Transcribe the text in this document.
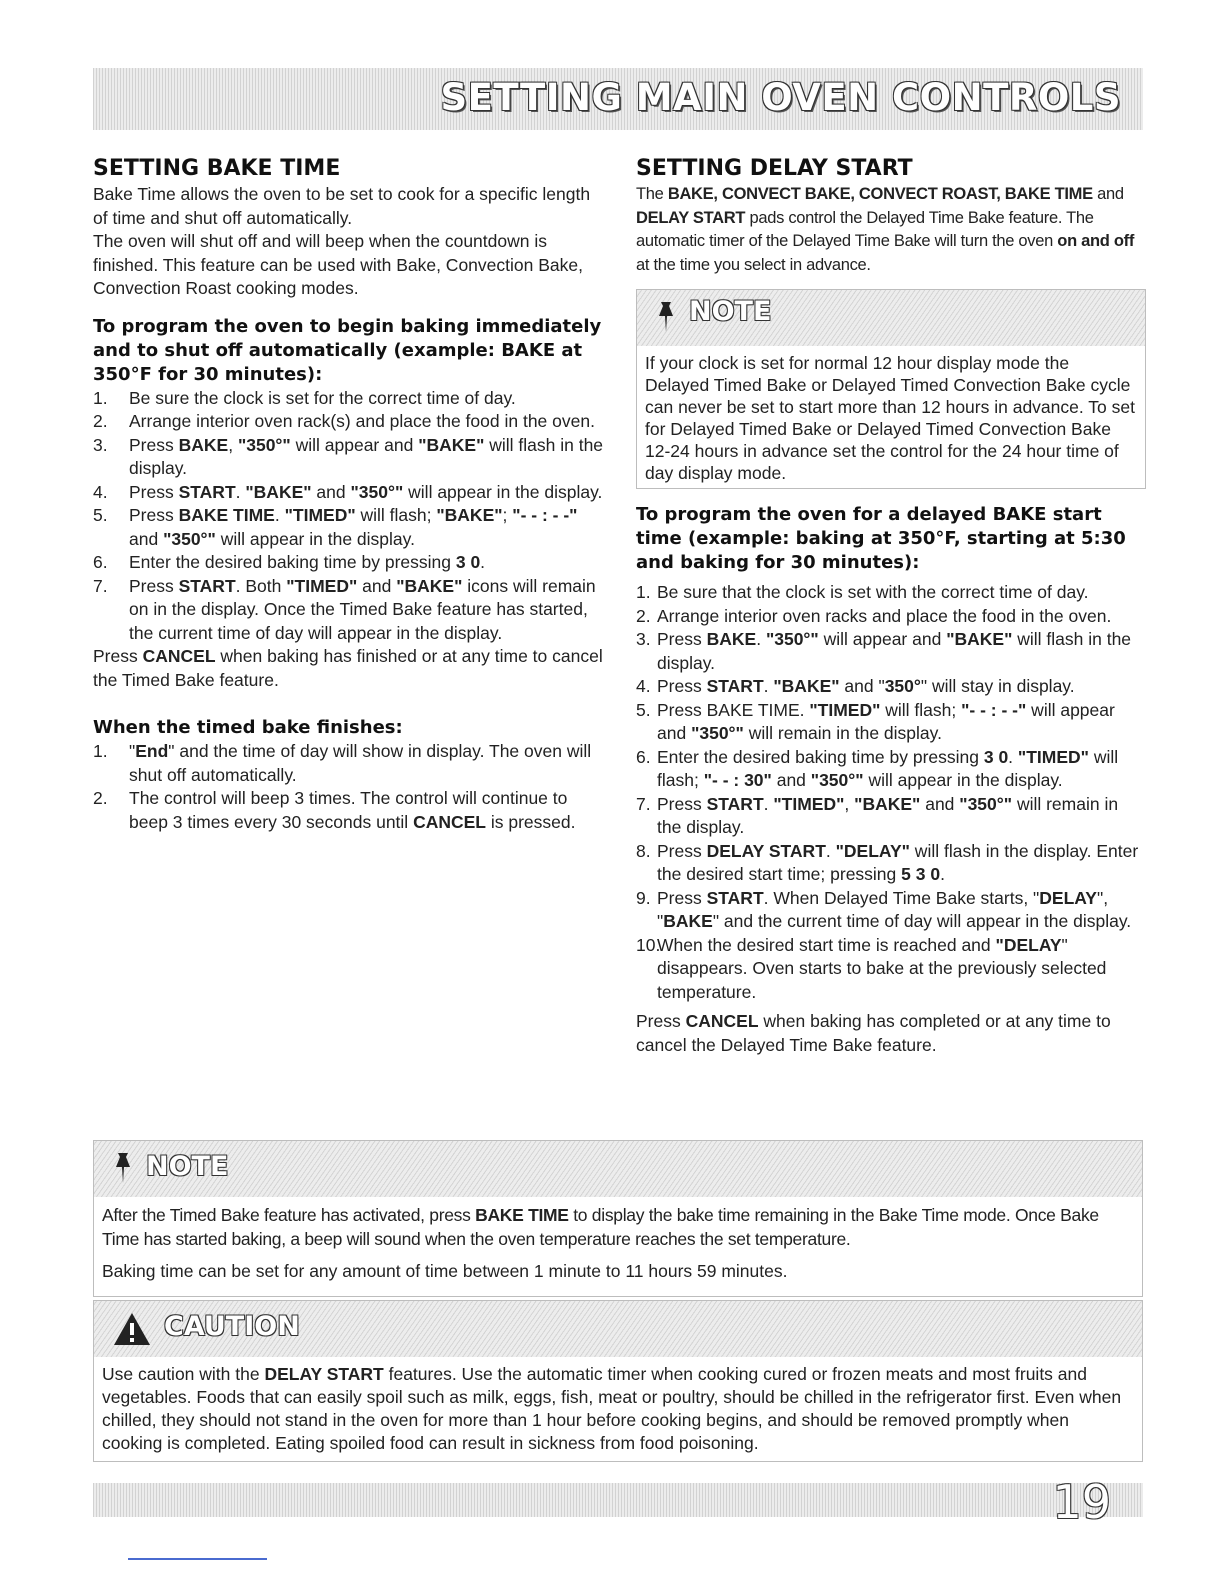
SETTING MAIN OVEN CONTROLS
SETTING BAKE TIME

Bake Time allows the oven to be set to cook for a specific length of time and shut off automatically.

The oven will shut off and will beep when the countdown is finished. This feature can be used with Bake, Convection Bake, Convection Roast cooking modes.

To program the oven to begin baking immediately and to shut off automatically (example: BAKE at 350°F for 30 minutes):
1. Be sure the clock is set for the correct time of day.
2. Arrange interior oven rack(s) and place the food in the oven.
3. Press BAKE, "350°" will appear and "BAKE" will flash in the display.
4. Press START. "BAKE" and "350°" will appear in the display.
5. Press BAKE TIME. "TIMED" will flash; "BAKE"; "- - : - -" and "350°" will appear in the display.
6. Enter the desired baking time by pressing 3 0.
7. Press START. Both "TIMED" and "BAKE" icons will remain on in the display. Once the Timed Bake feature has started, the current time of day will appear in the display.

Press CANCEL when baking has finished or at any time to cancel the Timed Bake feature.

When the timed bake finishes:
1. "End" and the time of day will show in display. The oven will shut off automatically.
2. The control will beep 3 times. The control will continue to beep 3 times every 30 seconds until CANCEL is pressed.
SETTING DELAY START

The BAKE, CONVECT BAKE, CONVECT ROAST, BAKE TIME and DELAY START pads control the Delayed Time Bake feature. The automatic timer of the Delayed Time Bake will turn the oven on and off at the time you select in advance.

NOTE
If your clock is set for normal 12 hour display mode the Delayed Timed Bake or Delayed Timed Convection Bake cycle can never be set to start more than 12 hours in advance. To set for Delayed Timed Bake or Delayed Timed Convection Bake 12-24 hours in advance set the control for the 24 hour time of day display mode.
To program the oven for a delayed BAKE start time (example: baking at 350°F, starting at 5:30 and baking for 30 minutes):
1. Be sure that the clock is set with the correct time of day.
2. Arrange interior oven racks and place the food in the oven.
3. Press BAKE. "350°" will appear and "BAKE" will flash in the display.
4. Press START. "BAKE" and "350°" will stay in display.
5. Press BAKE TIME. "TIMED" will flash; "- - : - -" will appear and "350°" will remain in the display.
6. Enter the desired baking time by pressing 3 0. "TIMED" will flash; "- - : 30" and "350°" will appear in the display.
7. Press START. "TIMED", "BAKE" and "350°" will remain in the display.
8. Press DELAY START. "DELAY" will flash in the display. Enter the desired start time; pressing 5 3 0.
9. Press START. When Delayed Time Bake starts, "DELAY", "BAKE" and the current time of day will appear in the display.
10.
When the desired start time is reached and "DELAY" disappears. Oven starts to bake at the previously selected temperature.

Press CANCEL when baking has completed or at any time to cancel the Delayed Time Bake feature.

NOTE

After the Timed Bake feature has activated, press BAKE TIME to display the bake time remaining in the Bake Time mode. Once Bake Time has started baking, a beep will sound when the oven temperature reaches the set temperature.

Baking time can be set for any amount of time between 1 minute to 11 hours 59 minutes.

CAUTION
Use caution with the DELAY START features. Use the automatic timer when cooking cured or frozen meats and most fruits and vegetables. Foods that can easily spoil such as milk, eggs, fish, meat or poultry, should be chilled in the refrigerator first. Even when chilled, they should not stand in the oven for more than 1 hour before cooking begins, and should be removed promptly when cooking is completed. Eating spoiled food can result in sickness from food poisoning.
19
